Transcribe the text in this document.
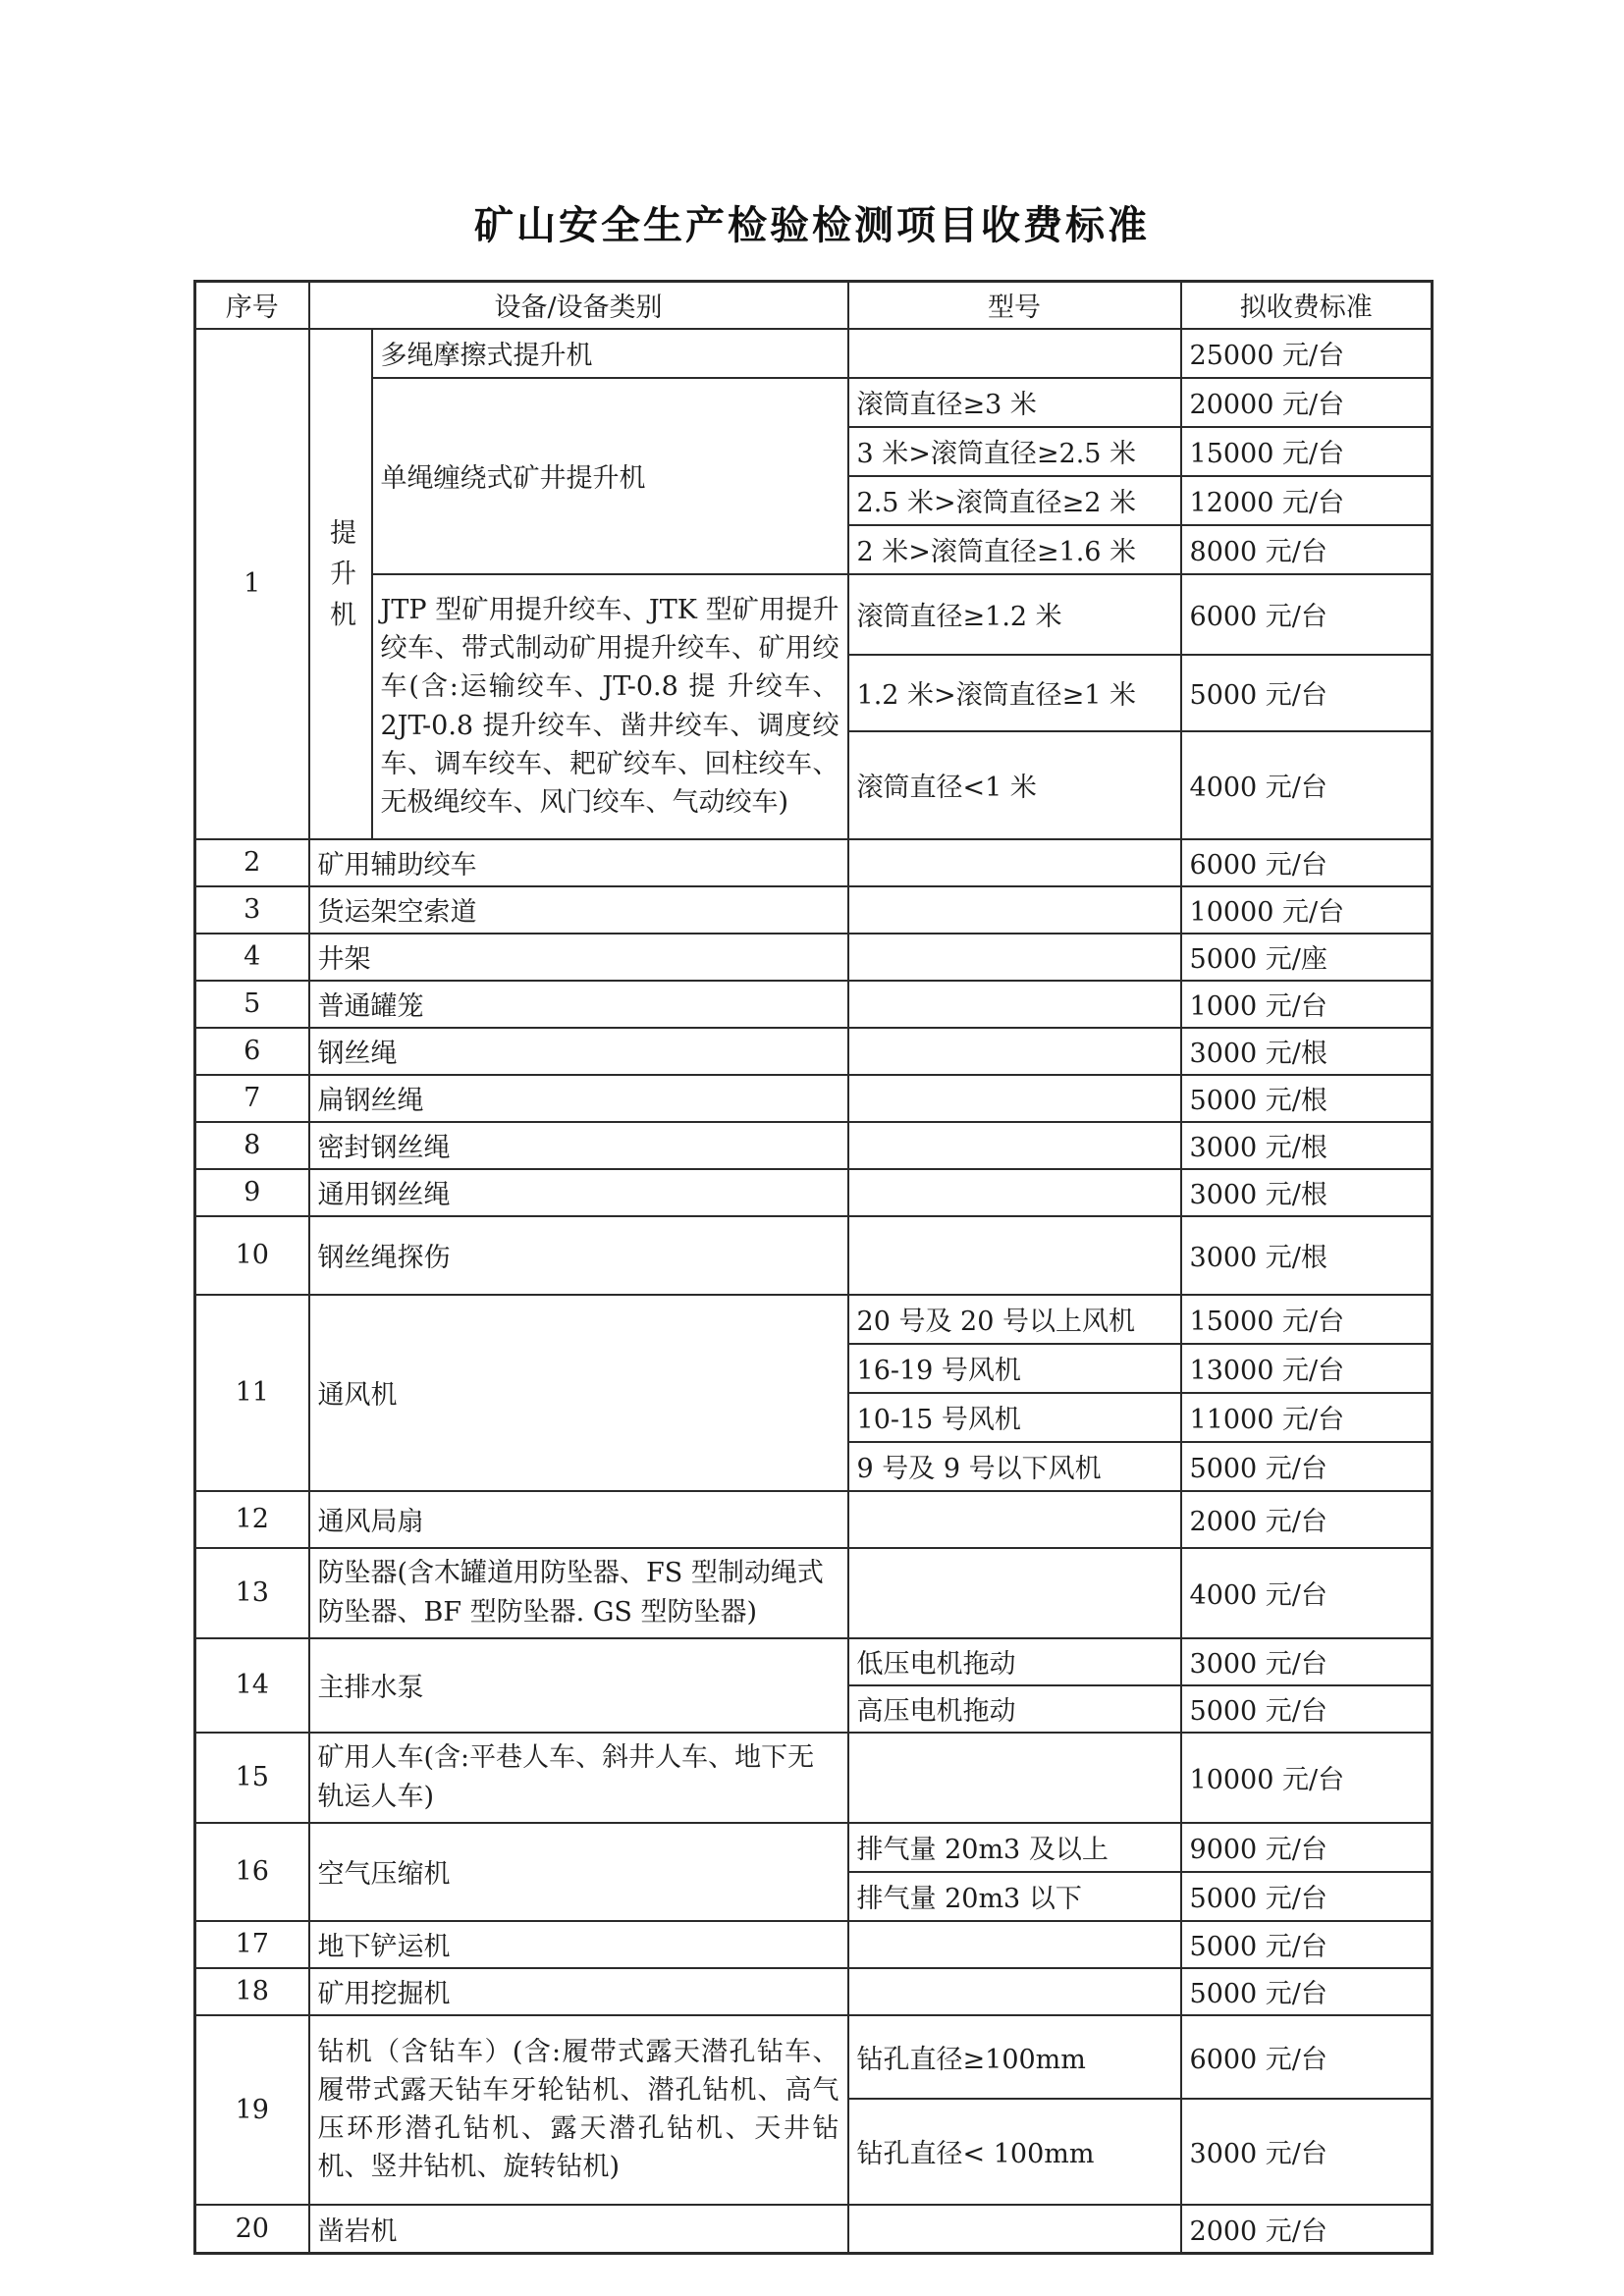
矿山安全生产检验检测项目收费标准
序号	设备/设备类别		型号	拟收费标准
1	提升机	多绳摩擦式提升机		25000 元/台
		单绳缠绕式矿井提升机	滚筒直径≥3 米	20000 元/台
			3 米>滚筒直径≥2.5 米	15000 元/台
			2.5 米>滚筒直径≥2 米	12000 元/台
			2 米>滚筒直径≥1.6 米	8000 元/台
		JTP 型矿用提升绞车、JTK 型矿用提升绞车、带式制动矿用提升绞车、矿用绞车(含:运输绞车、JT-0.8 提 升绞车、2JT-0.8 提升绞车、凿井绞车、调度绞车、调车绞车、耙矿绞车、回柱绞车、 无极绳绞车、风门绞车、气动绞车)	滚筒直径≥1.2 米	6000 元/台
			1.2 米>滚筒直径≥1 米	5000 元/台
			滚筒直径<1 米	4000 元/台
2	矿用辅助绞车			6000 元/台
3	货运架空索道			10000 元/台
4	井架			5000 元/座
5	普通罐笼			1000 元/台
6	钢丝绳			3000 元/根
7	扁钢丝绳			5000 元/根
8	密封钢丝绳			3000 元/根
9	通用钢丝绳			3000 元/根
10	钢丝绳探伤			3000 元/根
11	通风机		20 号及 20 号以上风机	15000 元/台
			16-19 号风机	13000 元/台
			10-15 号风机	11000 元/台
			9 号及 9 号以下风机	5000 元/台
12	通风局扇			2000 元/台
13	防坠器(含木罐道用防坠器、FS 型制动绳式防坠器、BF 型防坠器. GS 型防坠器)			4000 元/台
14	主排水泵		低压电机拖动	3000 元/台
			高压电机拖动	5000 元/台
15	矿用人车(含:平巷人车、斜井人车、地下无轨运人车)			10000 元/台
16	空气压缩机		排气量 20m3 及以上	9000 元/台
			排气量 20m3 以下	5000 元/台
17	地下铲运机			5000 元/台
18	矿用挖掘机			5000 元/台
19	钻机（含钻车）(含:履带式露天潜孔钻车、履带式露天钻车牙轮钻机、潜孔钻机、高气压环形潜孔钻机、露天潜孔钻机、天井钻机、竖井钻机、旋转钻机)		钻孔直径≥100mm	6000 元/台
			钻孔直径< 100mm	3000 元/台
20	凿岩机			2000 元/台
